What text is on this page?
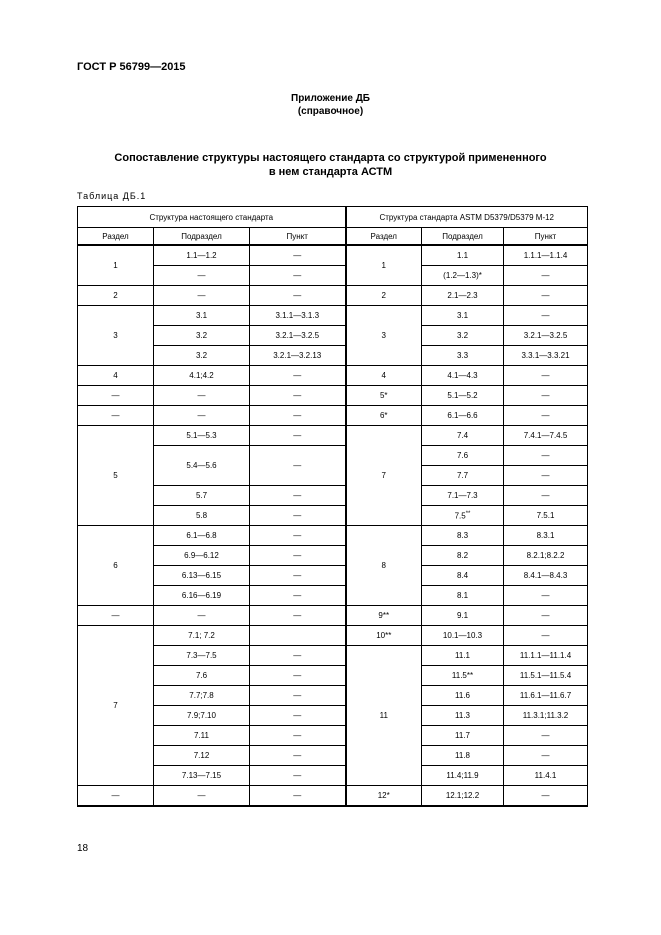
ГОСТ Р 56799—2015
Приложение ДБ
(справочное)
Сопоставление структуры настоящего стандарта со структурой примененного
в нем стандарта АСТМ
Таблица ДБ.1
Структура настоящего стандарта			Структура стандарта ASTM D5379/D5379 M-12		
Раздел	Подраздел	Пункт	Раздел	Подраздел	Пункт
1	1.1—1.2	—	1	1.1	1.1.1—1.1.4
	—	—		(1.2—1.3)*	—
2	—	—	2	2.1—2.3	—
3	3.1	3.1.1—3.1.3	3	3.1	—
	3.2	3.2.1—3.2.5		3.2	3.2.1—3.2.5
	3.2	3.2.1—3.2.13		3.3	3.3.1—3.3.21
4	4.1;4.2	—	4	4.1—4.3	—
—	—	—	5*	5.1—5.2	—
—	—	—	6*	6.1—6.6	—
5	5.1—5.3	—	7	7.4	7.4.1—7.4.5
	5.4—5.6	—		7.6	—
				7.7	—
	5.7	—		7.1—7.3	—
	5.8	—		7.5**	7.5.1
6	6.1—6.8	—	8	8.3	8.3.1
	6.9—6.12	—		8.2	8.2.1;8.2.2
	6.13—6.15	—		8.4	8.4.1—8.4.3
	6.16—6.19	—		8.1	—
—	—	—	9**	9.1	—
7	7.1; 7.2		10**	10.1—10.3	—
	7.3—7.5	—	11	11.1	11.1.1—11.1.4
	7.6	—		11.5**	11.5.1—11.5.4
	7.7;7.8	—		11.6	11.6.1—11.6.7
	7.9;7.10	—		11.3	11.3.1;11.3.2
	7.11	—		11.7	—
	7.12	—		11.8	—
	7.13—7.15	—		11.4;11.9	11.4.1
—	—	—	12*	12.1;12.2	—
18
